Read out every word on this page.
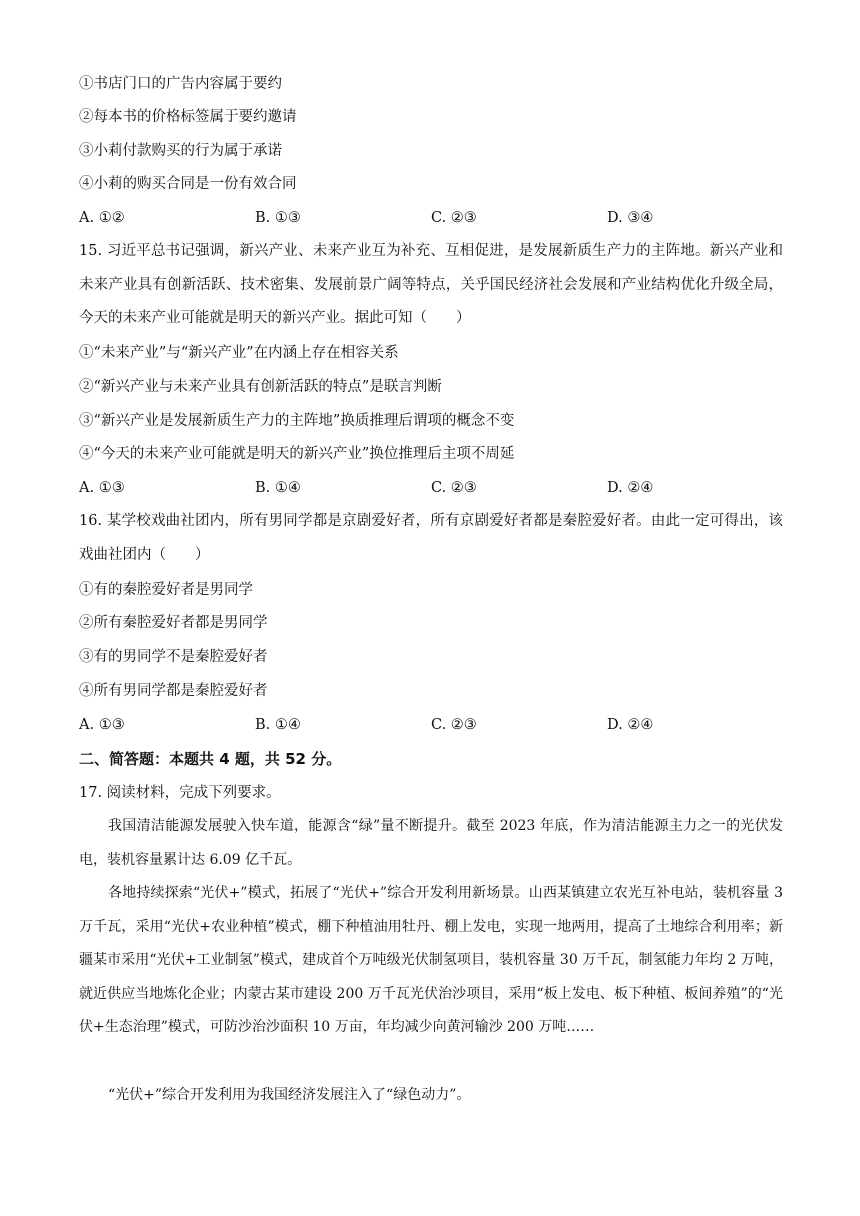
①书店门口的广告内容属于要约
②每本书的价格标签属于要约邀请
③小莉付款购买的行为属于承诺
④小莉的购买合同是一份有效合同
A. ①②	B. ①③	C. ②③	D. ③④
15. 习近平总书记强调，新兴产业、未来产业互为补充、互相促进，是发展新质生产力的主阵地。新兴产业和未来产业具有创新活跃、技术密集、发展前景广阔等特点，关乎国民经济社会发展和产业结构优化升级全局，今天的未来产业可能就是明天的新兴产业。据此可知（　　）
①“未来产业”与“新兴产业”在内涵上存在相容关系
②“新兴产业与未来产业具有创新活跃的特点”是联言判断
③“新兴产业是发展新质生产力的主阵地”换质推理后谓项的概念不变
④“今天的未来产业可能就是明天的新兴产业”换位推理后主项不周延
A. ①③	B. ①④	C. ②③	D. ②④
16. 某学校戏曲社团内，所有男同学都是京剧爱好者，所有京剧爱好者都是秦腔爱好者。由此一定可得出，该戏曲社团内（　　）
①有的秦腔爱好者是男同学
②所有秦腔爱好者都是男同学
③有的男同学不是秦腔爱好者
④所有男同学都是秦腔爱好者
A. ①③	B. ①④	C. ②③	D. ②④
二、简答题：本题共 4 题，共 52 分。
17. 阅读材料，完成下列要求。
我国清洁能源发展驶入快车道，能源含“绿”量不断提升。截至 2023 年底，作为清洁能源主力之一的光伏发电，装机容量累计达 6.09 亿千瓦。
各地持续探索“光伏+”模式，拓展了“光伏+”综合开发利用新场景。山西某镇建立农光互补电站，装机容量 3 万千瓦，采用“光伏+农业种植”模式，棚下种植油用牡丹、棚上发电，实现一地两用，提高了土地综合利用率；新疆某市采用“光伏+工业制氢”模式，建成首个万吨级光伏制氢项目，装机容量 30 万千瓦，制氢能力年均 2 万吨，就近供应当地炼化企业；内蒙古某市建设 200 万千瓦光伏治沙项目，采用“板上发电、板下种植、板间养殖”的“光伏+生态治理”模式，可防沙治沙面积 10 万亩，年均减少向黄河输沙 200 万吨……
“光伏+”综合开发利用为我国经济发展注入了“绿色动力”。
